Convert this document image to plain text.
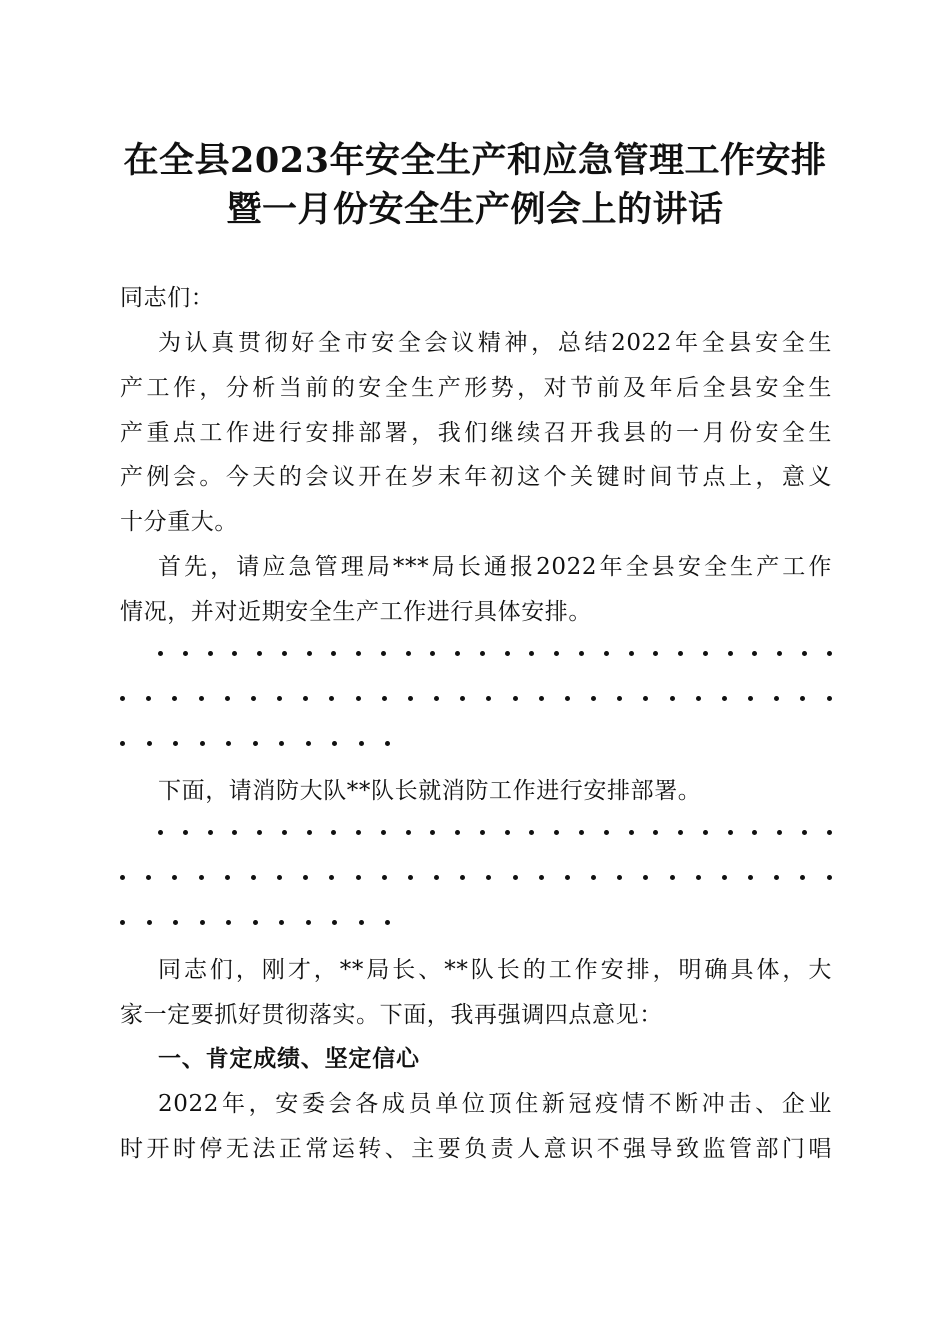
在全县2023年安全生产和应急管理工作安排
暨一月份安全生产例会上的讲话
同志们：
为认真贯彻好全市安全会议精神，总结2022年全县安全生
产工作，分析当前的安全生产形势，对节前及年后全县安全生
产重点工作进行安排部署，我们继续召开我县的一月份安全生
产例会。今天的会议开在岁末年初这个关键时间节点上，意义
十分重大。
首先，请应急管理局***局长通报2022年全县安全生产工作
情况，并对近期安全生产工作进行具体安排。
下面，请消防大队**队长就消防工作进行安排部署。
同志们，刚才，**局长、**队长的工作安排，明确具体，大
家一定要抓好贯彻落实。下面，我再强调四点意见：
一、肯定成绩、坚定信心
2022年，安委会各成员单位顶住新冠疫情不断冲击、企业
时开时停无法正常运转、主要负责人意识不强导致监管部门唱
